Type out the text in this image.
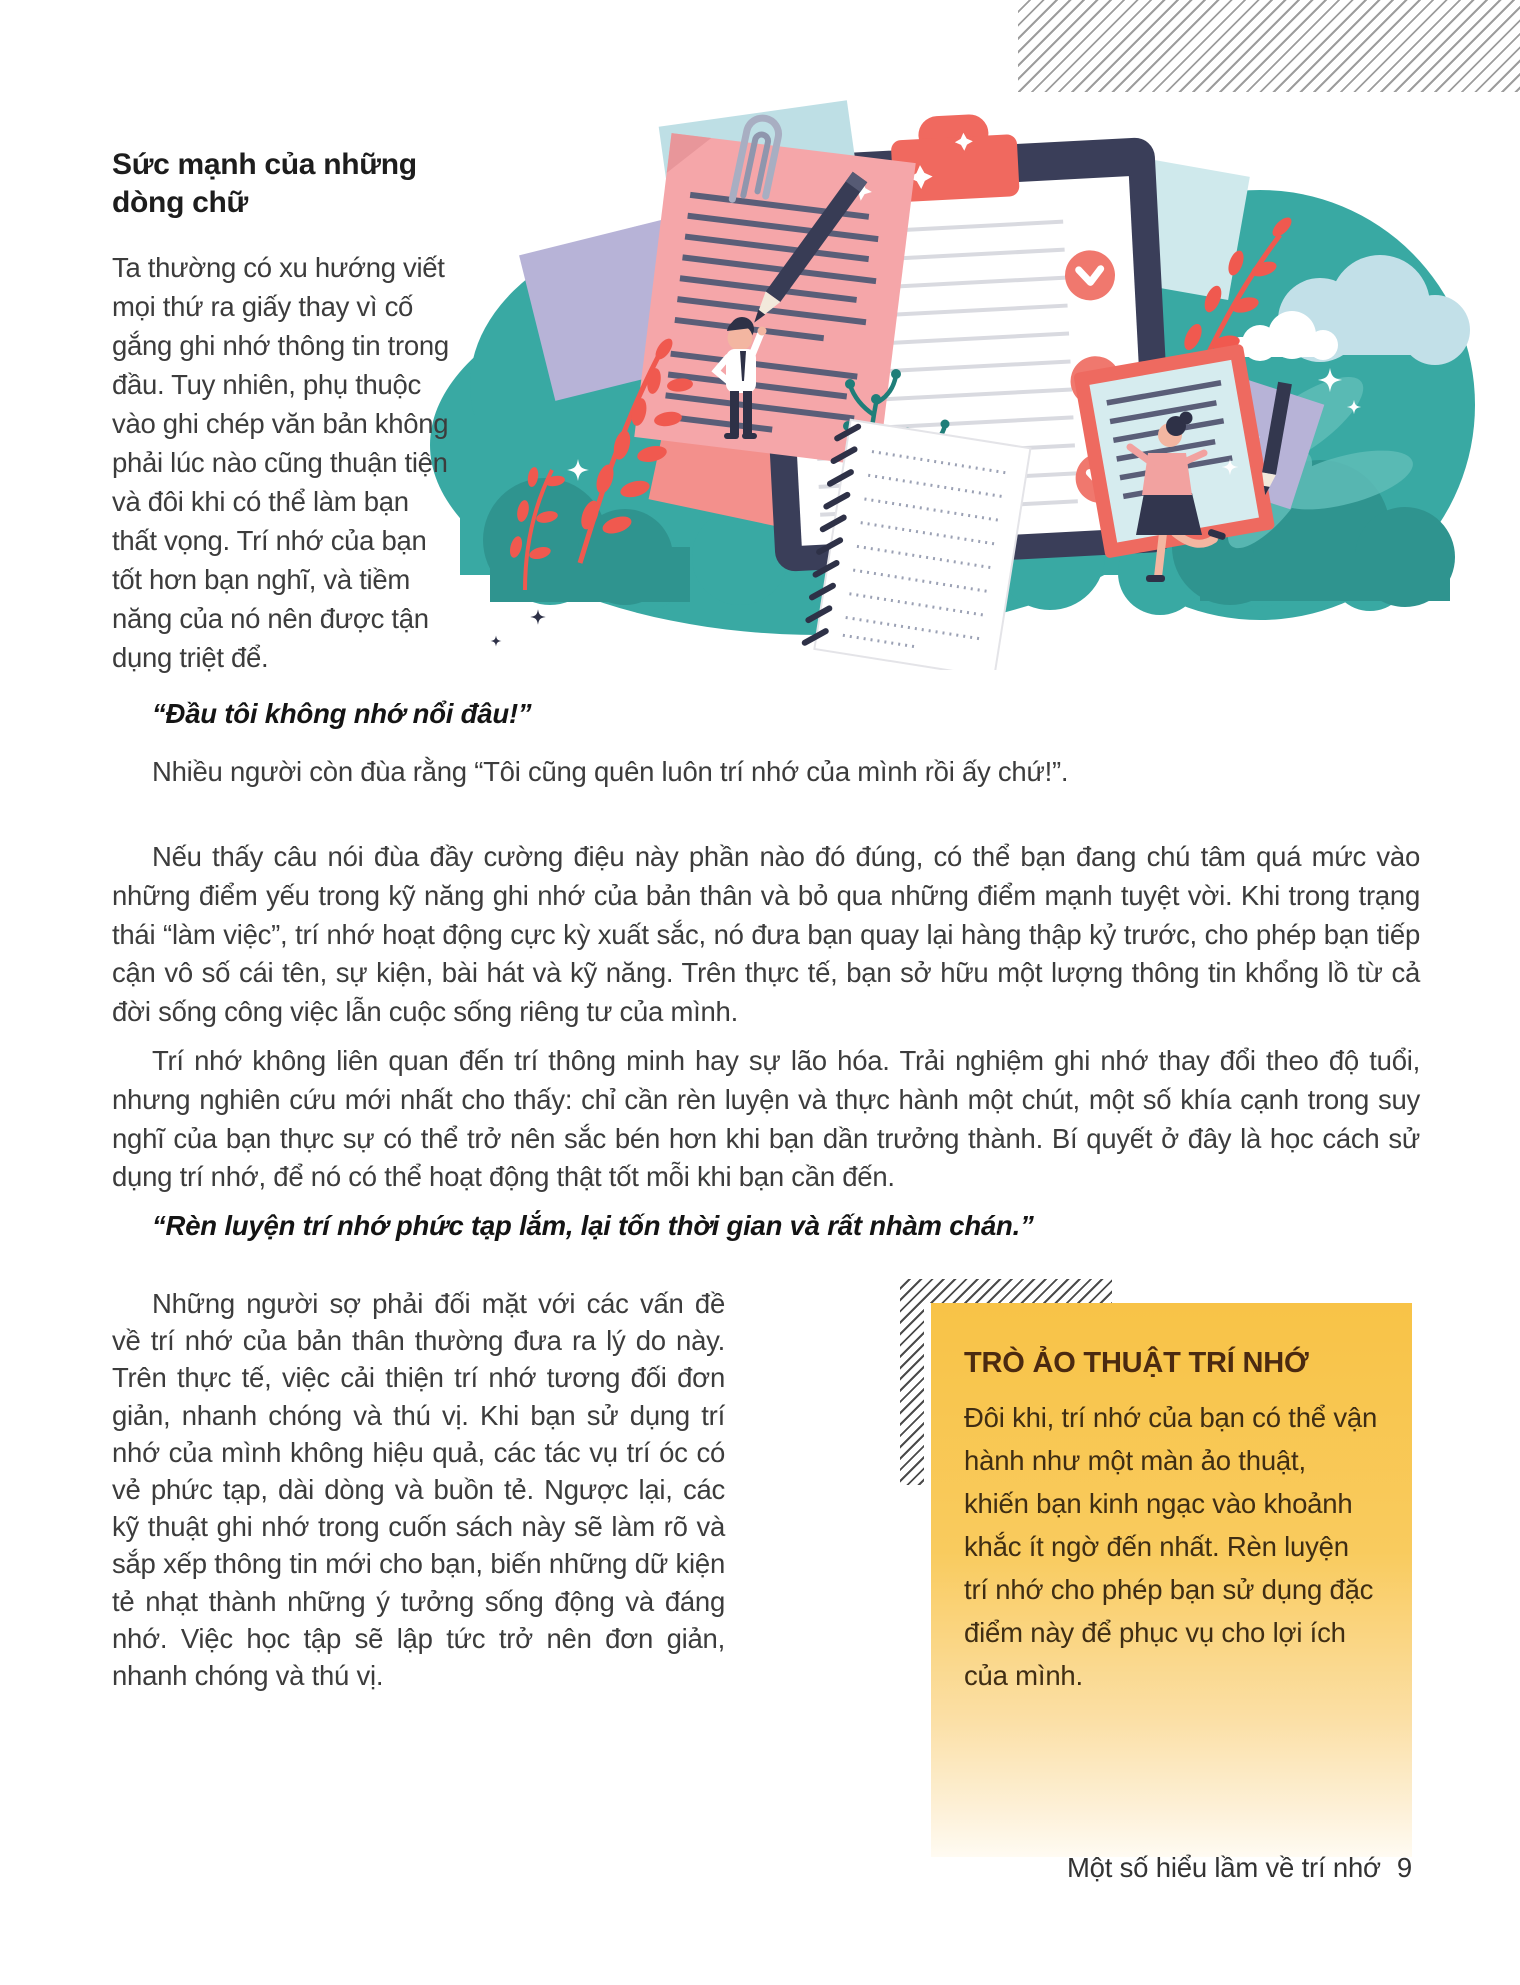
Sức mạnh của những dòng chữ

Ta thường có xu hướng viết mọi thứ ra giấy thay vì cố gắng ghi nhớ thông tin trong đầu. Tuy nhiên, phụ thuộc vào ghi chép văn bản không phải lúc nào cũng thuận tiện và đôi khi có thể làm bạn thất vọng. Trí nhớ của bạn tốt hơn bạn nghĩ, và tiềm năng của nó nên được tận dụng triệt để.

“Đầu tôi không nhớ nổi đâu!”

Nhiều người còn đùa rằng “Tôi cũng quên luôn trí nhớ của mình rồi ấy chứ!”.

Nếu thấy câu nói đùa đầy cường điệu này phần nào đó đúng, có thể bạn đang chú tâm quá mức vào những điểm yếu trong kỹ năng ghi nhớ của bản thân và bỏ qua những điểm mạnh tuyệt vời. Khi trong trạng thái “làm việc”, trí nhớ hoạt động cực kỳ xuất sắc, nó đưa bạn quay lại hàng thập kỷ trước, cho phép bạn tiếp cận vô số cái tên, sự kiện, bài hát và kỹ năng. Trên thực tế, bạn sở hữu một lượng thông tin khổng lồ từ cả đời sống công việc lẫn cuộc sống riêng tư của mình.

Trí nhớ không liên quan đến trí thông minh hay sự lão hóa. Trải nghiệm ghi nhớ thay đổi theo độ tuổi, nhưng nghiên cứu mới nhất cho thấy: chỉ cần rèn luyện và thực hành một chút, một số khía cạnh trong suy nghĩ của bạn thực sự có thể trở nên sắc bén hơn khi bạn dần trưởng thành. Bí quyết ở đây là học cách sử dụng trí nhớ, để nó có thể hoạt động thật tốt mỗi khi bạn cần đến.

“Rèn luyện trí nhớ phức tạp lắm, lại tốn thời gian và rất nhàm chán.”

Những người sợ phải đối mặt với các vấn đề về trí nhớ của bản thân thường đưa ra lý do này. Trên thực tế, việc cải thiện trí nhớ tương đối đơn giản, nhanh chóng và thú vị. Khi bạn sử dụng trí nhớ của mình không hiệu quả, các tác vụ trí óc có vẻ phức tạp, dài dòng và buồn tẻ. Ngược lại, các kỹ thuật ghi nhớ trong cuốn sách này sẽ làm rõ và sắp xếp thông tin mới cho bạn, biến những dữ kiện tẻ nhạt thành những ý tưởng sống động và đáng nhớ. Việc học tập sẽ lập tức trở nên đơn giản, nhanh chóng và thú vị.

TRÒ ẢO THUẬT TRÍ NHỚ

Đôi khi, trí nhớ của bạn có thể vận hành như một màn ảo thuật, khiến bạn kinh ngạc vào khoảnh khắc ít ngờ đến nhất. Rèn luyện trí nhớ cho phép bạn sử dụng đặc điểm này để phục vụ cho lợi ích của mình.

Một số hiểu lầm về trí nhớ 9
